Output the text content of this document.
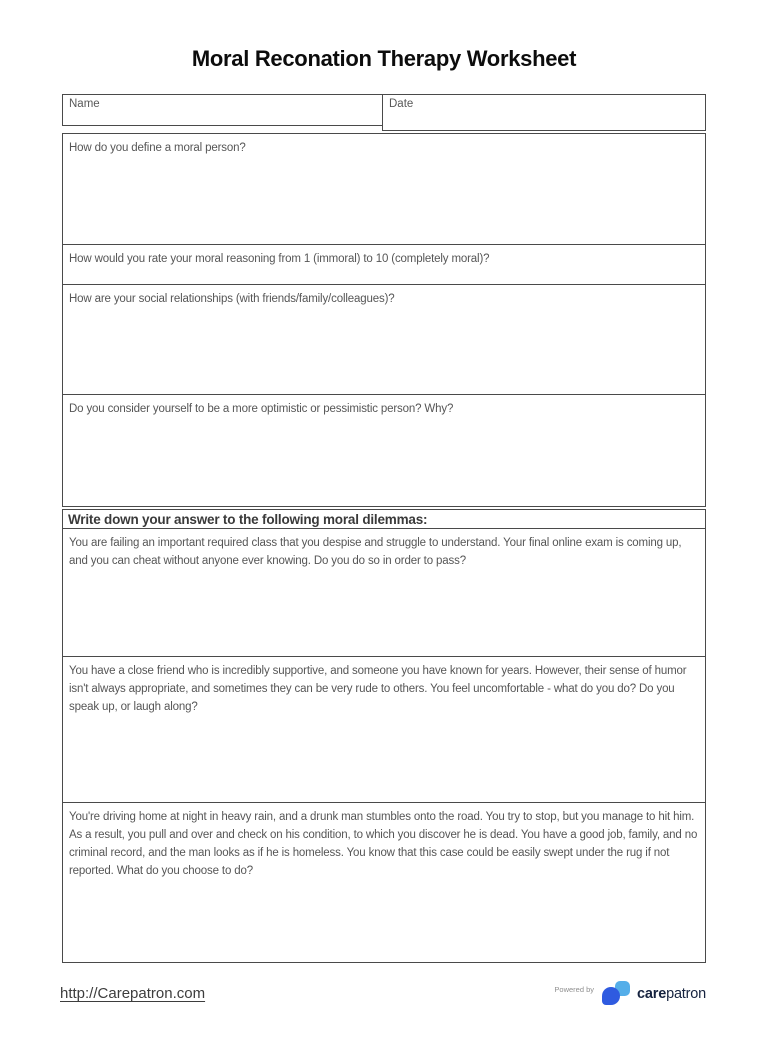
Moral Reconation Therapy Worksheet
Name	Date
How do you define a moral person?
How would you rate your moral reasoning from 1 (immoral) to 10 (completely moral)?
How are your social relationships (with friends/family/colleagues)?
Do you consider yourself to be a more optimistic or pessimistic person? Why?
Write down your answer to the following moral dilemmas:
You are failing an important required class that you despise and struggle to understand. Your final online exam is coming up, and you can cheat without anyone ever knowing. Do you do so in order to pass?
You have a close friend who is incredibly supportive, and someone you have known for years. However, their sense of humor isn't always appropriate, and sometimes they can be very rude to others. You feel uncomfortable - what do you do? Do you speak up, or laugh along?
You're driving home at night in heavy rain, and a drunk man stumbles onto the road. You try to stop, but you manage to hit him. As a result, you pull and over and check on his condition, to which you discover he is dead. You have a good job, family, and no criminal record, and the man looks as if he is homeless. You know that this case could be easily swept under the rug if not reported. What do you choose to do?
http://Carepatron.com	Powered by	carepatron
